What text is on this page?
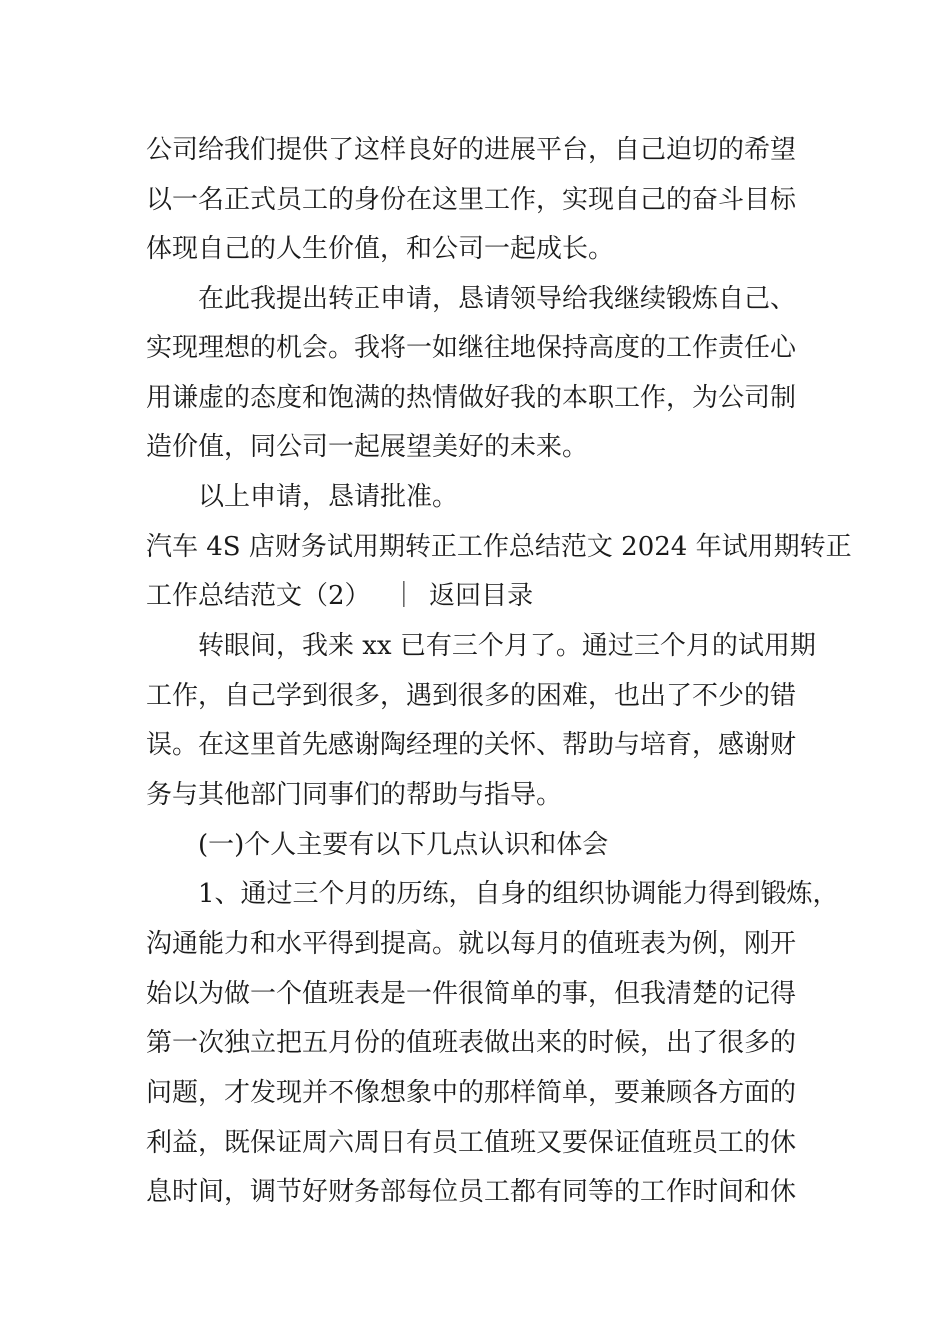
公司给我们提供了这样良好的进展平台，自己迫切的希望
以一名正式员工的身份在这里工作，实现自己的奋斗目标
体现自己的人生价值，和公司一起成长。
在此我提出转正申请，恳请领导给我继续锻炼自己、
实现理想的机会。我将一如继往地保持高度的工作责任心
用谦虚的态度和饱满的热情做好我的本职工作，为公司制
造价值，同公司一起展望美好的未来。
以上申请，恳请批准。
汽车 4S 店财务试用期转正工作总结范文 2024 年试用期转正
工作总结范文（2） ｜ 返回目录
转眼间，我来 xx 已有三个月了。通过三个月的试用期
工作，自己学到很多，遇到很多的困难，也出了不少的错
误。在这里首先感谢陶经理的关怀、帮助与培育，感谢财
务与其他部门同事们的帮助与指导。
(一)个人主要有以下几点认识和体会
1、通过三个月的历练，自身的组织协调能力得到锻炼，
沟通能力和水平得到提高。就以每月的值班表为例，刚开
始以为做一个值班表是一件很简单的事，但我清楚的记得
第一次独立把五月份的值班表做出来的时候，出了很多的
问题，才发现并不像想象中的那样简单，要兼顾各方面的
利益，既保证周六周日有员工值班又要保证值班员工的休
息时间，调节好财务部每位员工都有同等的工作时间和休
